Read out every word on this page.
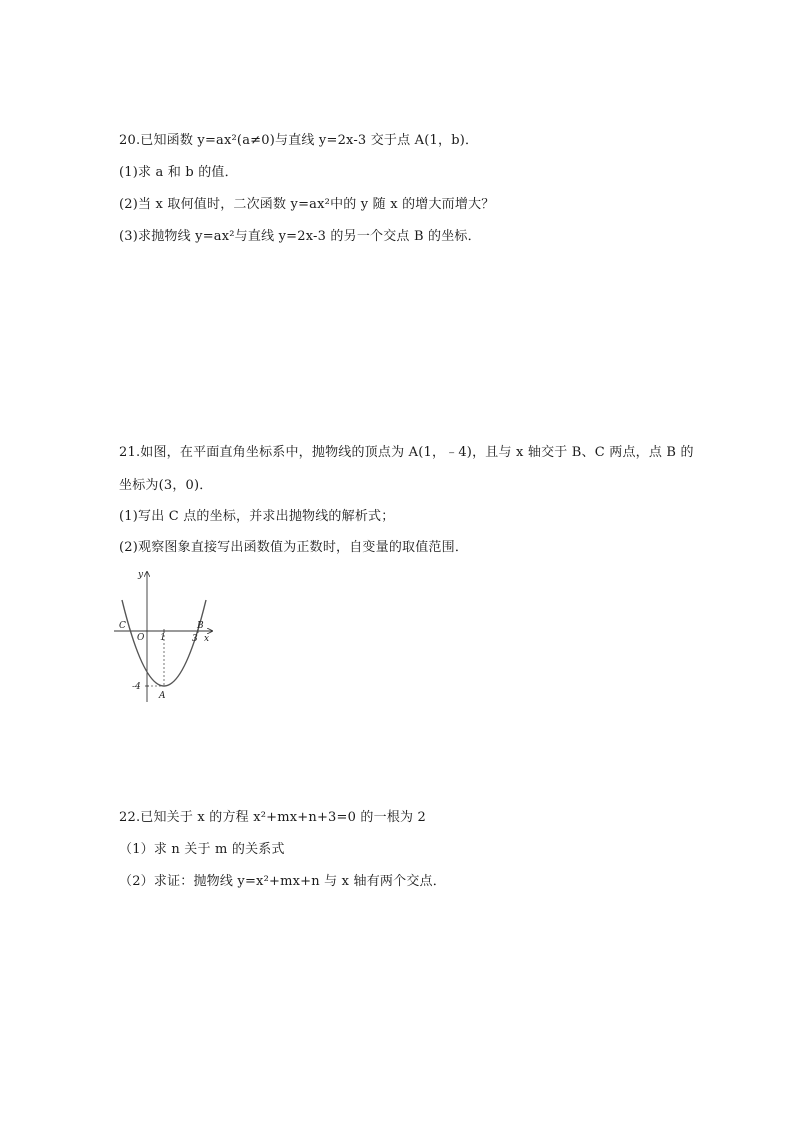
20.已知函数 y=ax²(a≠0)与直线 y=2x-3 交于点 A(1，b)．
(1)求 a 和 b 的值．
(2)当 x 取何值时，二次函数 y=ax²中的 y 随 x 的增大而增大？
(3)求抛物线 y=ax²与直线 y=2x-3 的另一个交点 B 的坐标．
21.如图，在平面直角坐标系中，抛物线的顶点为 A(1，﹣4)，且与 x 轴交于 B、C 两点，点 B 的
坐标为(3，0)．
(1)写出 C 点的坐标，并求出抛物线的解析式；
(2)观察图象直接写出函数值为正数时，自变量的取值范围．
y
x
O
C	B
A
1	3
-4
22.已知关于 x 的方程 x²+mx+n+3=0 的一根为 2
（1）求 n 关于 m 的关系式
（2）求证：抛物线 y=x²+mx+n 与 x 轴有两个交点．
